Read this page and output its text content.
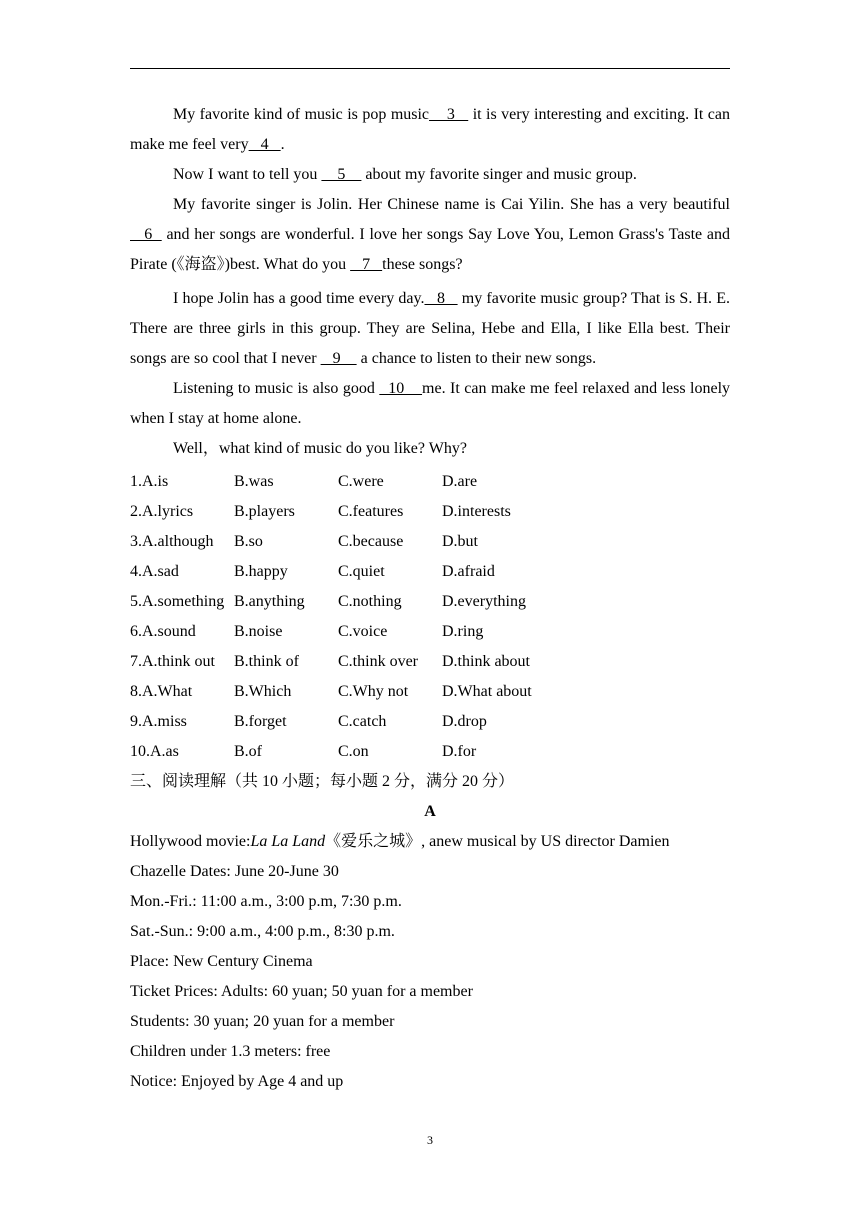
My favorite kind of music is pop music    3    it is very interesting and exciting. It can make me feel very   4   .

Now I want to tell you     5     about my favorite singer and music group.

My favorite singer is Jolin. Her Chinese name is Cai Yilin. She has a very beautiful    6   and her songs are wonderful. I love her songs Say Love You, Lemon Grass's Taste and Pirate (《海盗》)best. What do you    7   these songs?

I hope Jolin has a good time every day.   8    my favorite music group? That is S. H. E. There are three girls in this group. They are Selina, Hebe and Ella, I like Ella best. Their songs are so cool that I never    9     a chance to listen to their new songs.

Listening to music is also good   10    me. It can make me feel relaxed and less lonely when I stay at home alone.

Well，what kind of music do you like? Why?

1.A.is	B.was	C.were	D.are
2.A.lyrics	B.players	C.features	D.interests
3.A.although	B.so	C.because	D.but
4.A.sad	B.happy	C.quiet	D.afraid
5.A.something B.anything	C.nothing	D.everything
6.A.sound	B.noise	C.voice	D.ring
7.A.think out	B.think of	C.think over	D.think about
8.A.What	B.Which	C.Why not	D.What about
9.A.miss	B.forget	C.catch	D.drop
10.A.as	B.of	C.on	D.for
三、阅读理解（共 10 小题；每小题 2 分，满分 20 分）
A
Hollywood movie:La La Land《爱乐之城》, anew musical by US director Damien
Chazelle Dates: June 20-June 30
Mon.-Fri.: 11:00 a.m., 3:00 p.m, 7:30 p.m.
Sat.-Sun.: 9:00 a.m., 4:00 p.m., 8:30 p.m.
Place: New Century Cinema
Ticket Prices: Adults: 60 yuan; 50 yuan for a member
Students: 30 yuan; 20 yuan for a member
Children under 1.3 meters: free
Notice: Enjoyed by Age 4 and up
3
